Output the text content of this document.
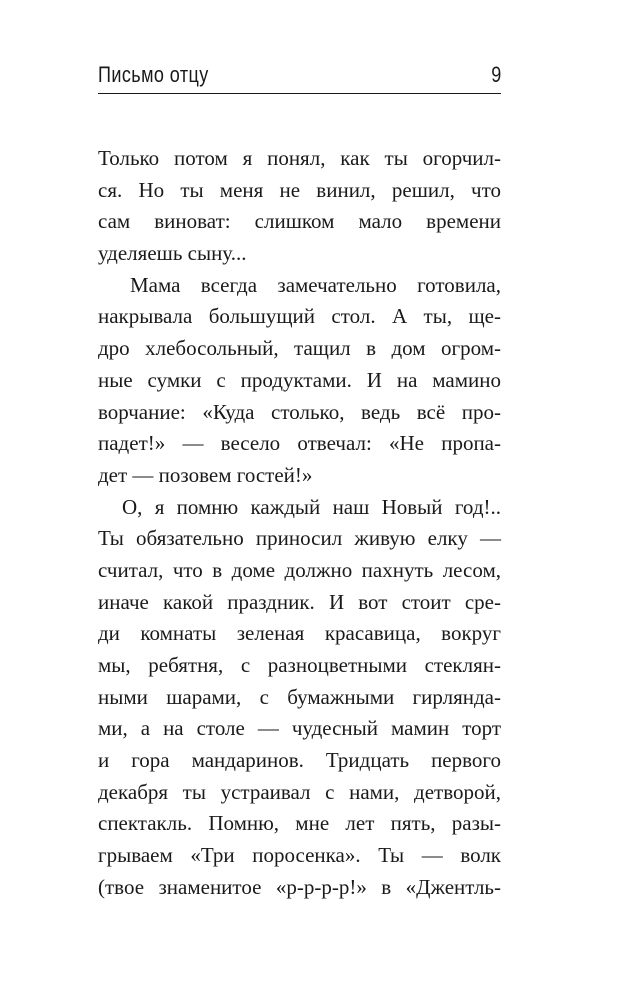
Письмо отцу	9
Только потом я понял, как ты огорчил-
ся. Но ты меня не винил, решил, что
сам виноват: слишком мало времени
уделяешь сыну...
Мама всегда замечательно готовила,
накрывала большущий стол. А ты, ще-
дро хлебосольный, тащил в дом огром-
ные сумки с продуктами. И на мамино
ворчание: «Куда столько, ведь всё про-
падет!» — весело отвечал: «Не пропа-
дет — позовем гостей!»
О, я помню каждый наш Новый год!..
Ты обязательно приносил живую елку —
считал, что в доме должно пахнуть лесом,
иначе какой праздник. И вот стоит сре-
ди комнаты зеленая красавица, вокруг
мы, ребятня, с разноцветными стеклян-
ными шарами, с бумажными гирлянда-
ми, а на столе — чудесный мамин торт
и гора мандаринов. Тридцать первого
декабря ты устраивал с нами, детворой,
спектакль. Помню, мне лет пять, разы-
грываем «Три поросенка». Ты — волк
(твое знаменитое «р-р-р-р!» в «Джентль-
